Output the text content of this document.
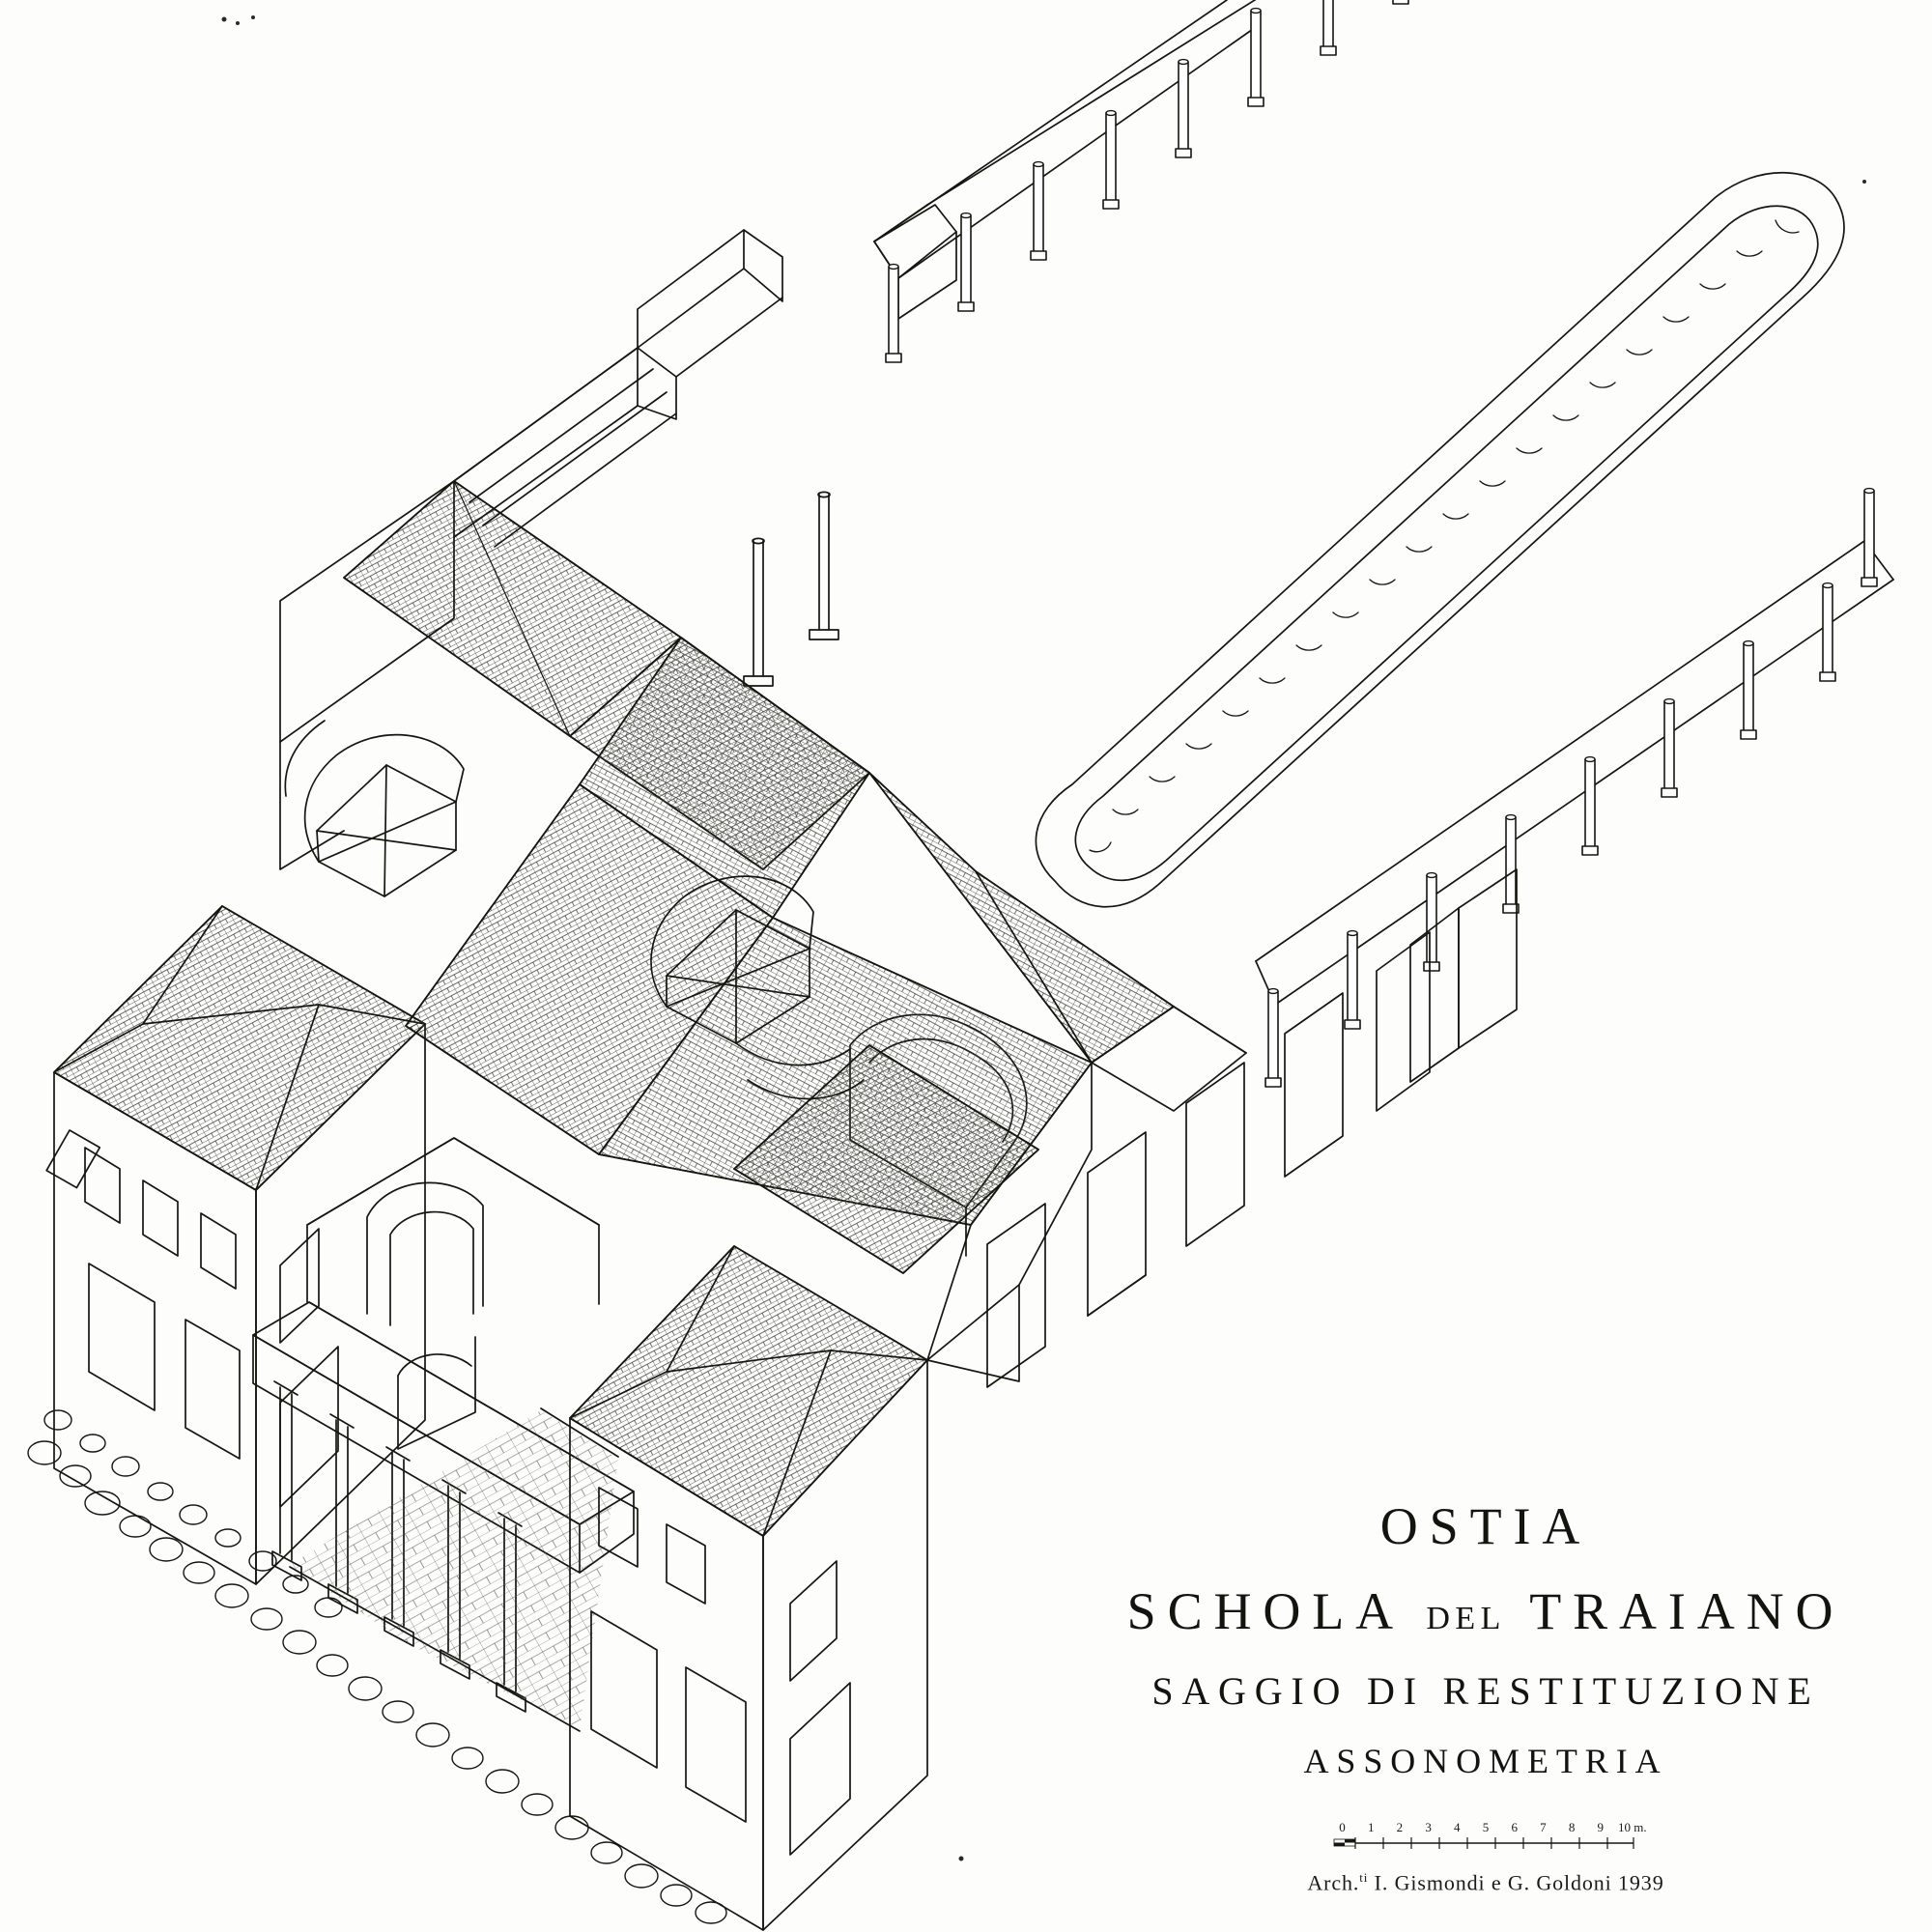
OSTIA
SCHOLA DEL TRAIANO
SAGGIO DI RESTITUZIONE
ASSONOMETRIA
0 1 2 3 4 5 6 7 8 9 10 m.
Arch.$^{ti}$ I. Gismondi e G. Goldoni 1939
